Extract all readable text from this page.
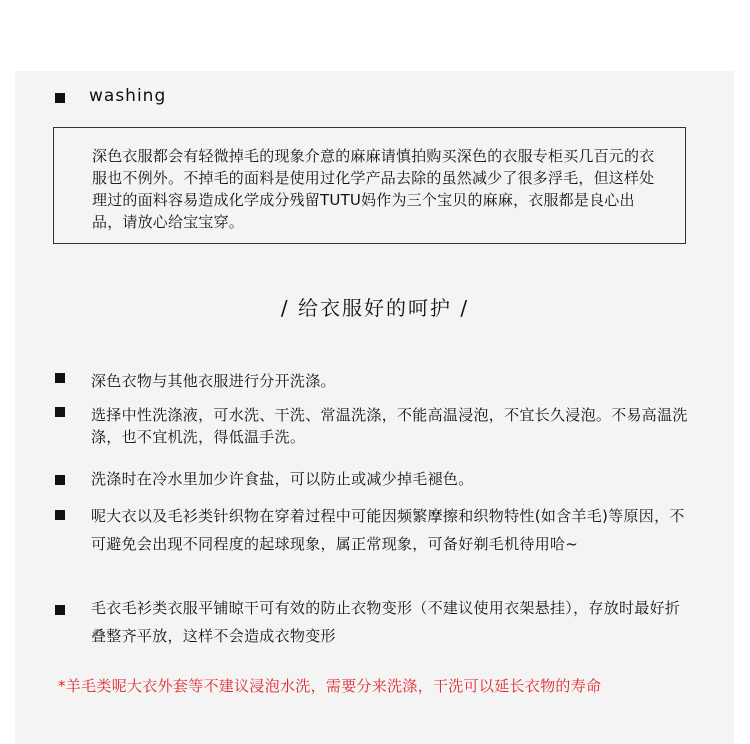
washing

深色衣服都会有轻微掉毛的现象介意的麻麻请慎拍购买深色的衣服专柜买几百元的衣服也不例外。不掉毛的面料是使用过化学产品去除的虽然减少了很多浮毛，但这样处理过的面料容易造成化学成分残留TUTU妈作为三个宝贝的麻麻，衣服都是良心出品，请放心给宝宝穿。

/ 给衣服好的呵护 /
深色衣物与其他衣服进行分开洗涤。
选择中性洗涤液，可水洗、干洗、常温洗涤，不能高温浸泡，不宜长久浸泡。不易高温洗涤，也不宜机洗，得低温手洗。
洗涤时在冷水里加少许食盐，可以防止或减少掉毛褪色。
呢大衣以及毛衫类针织物在穿着过程中可能因频繁摩擦和织物特性(如含羊毛)等原因，不可避免会出现不同程度的起球现象，属正常现象，可备好剃毛机待用哈~
毛衣毛衫类衣服平铺晾干可有效的防止衣物变形（不建议使用衣架悬挂），存放时最好折叠整齐平放，这样不会造成衣物变形
*羊毛类呢大衣外套等不建议浸泡水洗，需要分来洗涤，干洗可以延长衣物的寿命
